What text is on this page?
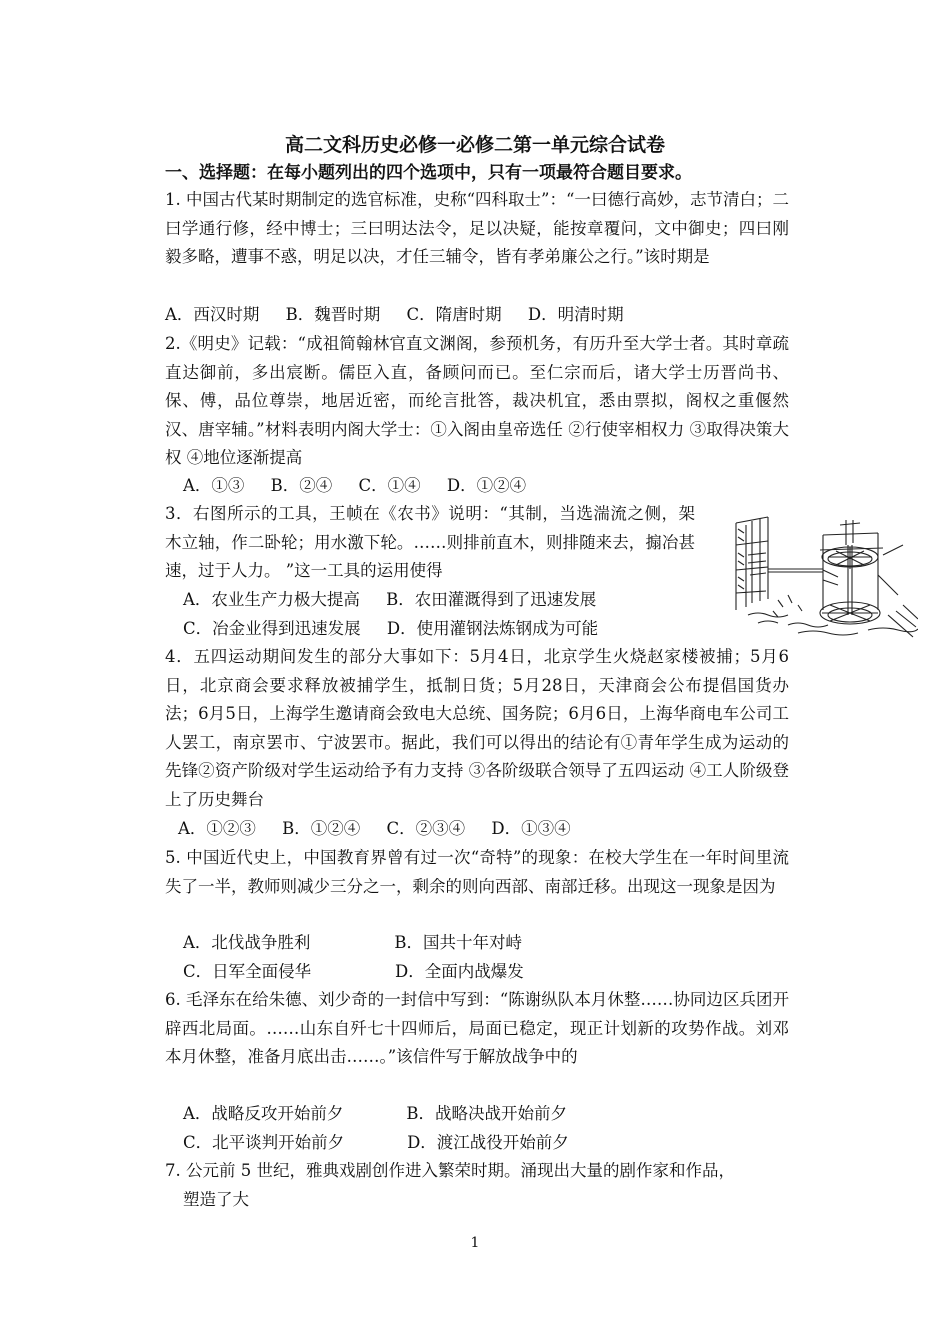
高二文科历史必修一必修二第一单元综合试卷
一、选择题：在每小题列出的四个选项中，只有一项最符合题目要求。
1. 中国古代某时期制定的选官标准，史称“四科取士”：“一曰德行高妙，志节清白；二曰学通行修，经中博士；三曰明达法令，足以决疑，能按章覆问，文中御史；四曰刚毅多略，遭事不惑，明足以决，才任三辅令，皆有孝弟廉公之行。”该时期是
A．西汉时期     B．魏晋时期     C．隋唐时期     D．明清时期
2.《明史》记载：“成祖简翰林官直文渊阁，参预机务，有历升至大学士者。其时章疏直达御前，多出宸断。儒臣入直，备顾问而已。至仁宗而后，诸大学士历晋尚书、保、傅，品位尊崇，地居近密，而纶言批答，裁决机宜，悉由票拟，阁权之重偃然汉、唐宰辅。”材料表明内阁大学士：①入阁由皇帝选任 ②行使宰相权力 ③取得决策大权 ④地位逐渐提高
A．①③     B．②④     C．①④     D．①②④
3．右图所示的工具，王帧在《农书》说明：“其制，当选湍流之侧，架木立轴，作二卧轮；用水激下轮。……则排前直木，则排随来去，搧冶甚速，过于人力。 ”这一工具的运用使得
A．农业生产力极大提高     B．农田灌溉得到了迅速发展
C．冶金业得到迅速发展     D．使用灌钢法炼钢成为可能
4．五四运动期间发生的部分大事如下：5月4日，北京学生火烧赵家楼被捕；5月6日，北京商会要求释放被捕学生，抵制日货；5月28日，天津商会公布提倡国货办法；6月5日，上海学生邀请商会致电大总统、国务院；6月6日，上海华商电车公司工人罢工，南京罢市、宁波罢市。据此，我们可以得出的结论有①青年学生成为运动的先锋②资产阶级对学生运动给予有力支持 ③各阶级联合领导了五四运动 ④工人阶级登上了历史舞台
A．①②③     B．①②④     C．②③④     D．①③④
5. 中国近代史上，中国教育界曾有过一次“奇特”的现象：在校大学生在一年时间里流失了一半，教师则减少三分之一，剩余的则向西部、南部迁移。出现这一现象是因为
A．北伐战争胜利                B．国共十年对峙
C．日军全面侵华                D．全面内战爆发
6. 毛泽东在给朱德、刘少奇的一封信中写到：“陈谢纵队本月休整……协同边区兵团开辟西北局面。……山东自歼七十四师后，局面已稳定，现正计划新的攻势作战。刘邓本月休整，准备月底出击……。”该信件写于解放战争中的
A．战略反攻开始前夕            B．战略决战开始前夕
C．北平谈判开始前夕            D．渡江战役开始前夕
7. 公元前 5 世纪，雅典戏剧创作进入繁荣时期。涌现出大量的剧作家和作品，
塑造了大
1
